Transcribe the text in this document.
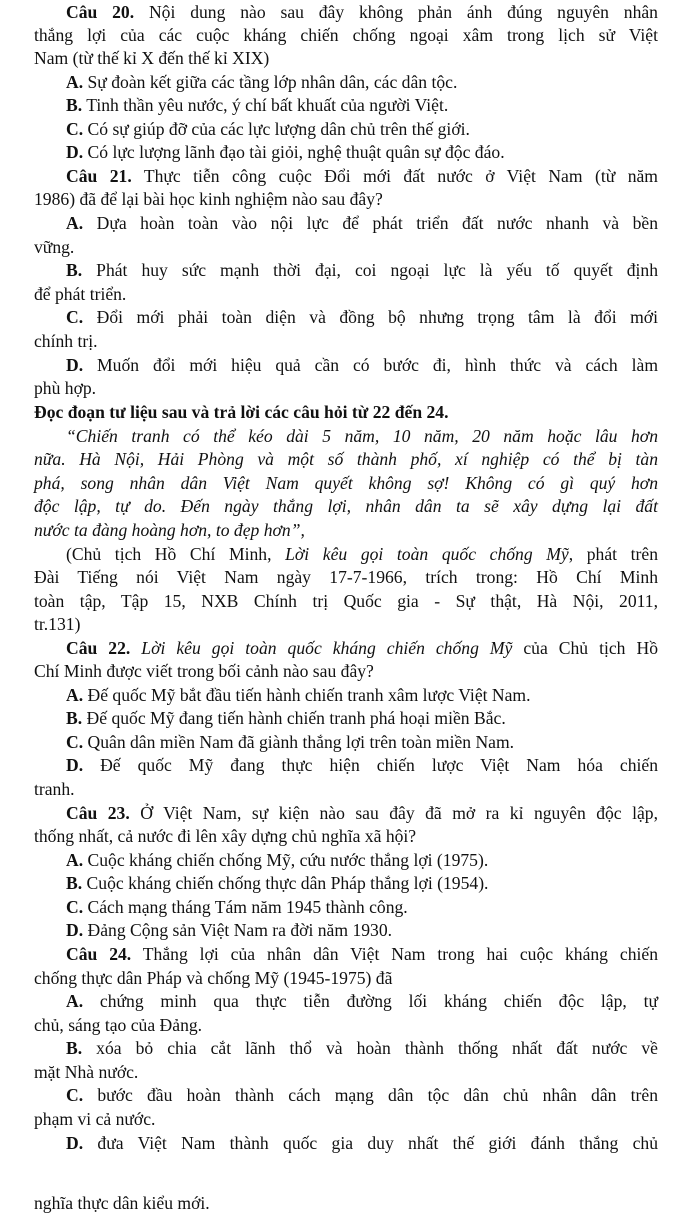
Câu 20. Nội dung nào sau đây không phản ánh đúng nguyên nhân
thắng lợi của các cuộc kháng chiến chống ngoại xâm trong lịch sử Việt
Nam (từ thế kỉ X đến thế kỉ XIX)
A. Sự đoàn kết giữa các tầng lớp nhân dân, các dân tộc.
B. Tinh thần yêu nước, ý chí bất khuất của người Việt.
C. Có sự giúp đỡ của các lực lượng dân chủ trên thế giới.
D. Có lực lượng lãnh đạo tài giỏi, nghệ thuật quân sự độc đáo.
Câu 21. Thực tiễn công cuộc Đổi mới đất nước ở Việt Nam (từ năm
1986) đã để lại bài học kinh nghiệm nào sau đây?
A. Dựa hoàn toàn vào nội lực để phát triển đất nước nhanh và bền
vững.
B. Phát huy sức mạnh thời đại, coi ngoại lực là yếu tố quyết định
để phát triển.
C. Đổi mới phải toàn diện và đồng bộ nhưng trọng tâm là đổi mới
chính trị.
D. Muốn đổi mới hiệu quả cần có bước đi, hình thức và cách làm
phù hợp.
Đọc đoạn tư liệu sau và trả lời các câu hỏi từ 22 đến 24.
“Chiến tranh có thể kéo dài 5 năm, 10 năm, 20 năm hoặc lâu hơn
nữa. Hà Nội, Hải Phòng và một số thành phố, xí nghiệp có thể bị tàn
phá, song nhân dân Việt Nam quyết không sợ! Không có gì quý hơn
độc lập, tự do. Đến ngày thắng lợi, nhân dân ta sẽ xây dựng lại đất
nước ta đàng hoàng hơn, to đẹp hơn”,
(Chủ tịch Hồ Chí Minh, Lời kêu gọi toàn quốc chống Mỹ, phát trên
Đài Tiếng nói Việt Nam ngày 17-7-1966, trích trong: Hồ Chí Minh
toàn tập, Tập 15, NXB Chính trị Quốc gia - Sự thật, Hà Nội, 2011,
tr.131)
Câu 22. Lời kêu gọi toàn quốc kháng chiến chống Mỹ của Chủ tịch Hồ
Chí Minh được viết trong bối cảnh nào sau đây?
A. Đế quốc Mỹ bắt đầu tiến hành chiến tranh xâm lược Việt Nam.
B. Đế quốc Mỹ đang tiến hành chiến tranh phá hoại miền Bắc.
C. Quân dân miền Nam đã giành thắng lợi trên toàn miền Nam.
D. Đế quốc Mỹ đang thực hiện chiến lược Việt Nam hóa chiến
tranh.
Câu 23. Ở Việt Nam, sự kiện nào sau đây đã mở ra kỉ nguyên độc lập,
thống nhất, cả nước đi lên xây dựng chủ nghĩa xã hội?
A. Cuộc kháng chiến chống Mỹ, cứu nước thắng lợi (1975).
B. Cuộc kháng chiến chống thực dân Pháp thắng lợi (1954).
C. Cách mạng tháng Tám năm 1945 thành công.
D. Đảng Cộng sản Việt Nam ra đời năm 1930.
Câu 24. Thắng lợi của nhân dân Việt Nam trong hai cuộc kháng chiến
chống thực dân Pháp và chống Mỹ (1945-1975) đã
A. chứng minh qua thực tiễn đường lối kháng chiến độc lập, tự
chủ, sáng tạo của Đảng.
B. xóa bỏ chia cắt lãnh thổ và hoàn thành thống nhất đất nước về
mặt Nhà nước.
C. bước đầu hoàn thành cách mạng dân tộc dân chủ nhân dân trên
phạm vi cả nước.
D. đưa Việt Nam thành quốc gia duy nhất thế giới đánh thắng chủ
nghĩa thực dân kiểu mới.
